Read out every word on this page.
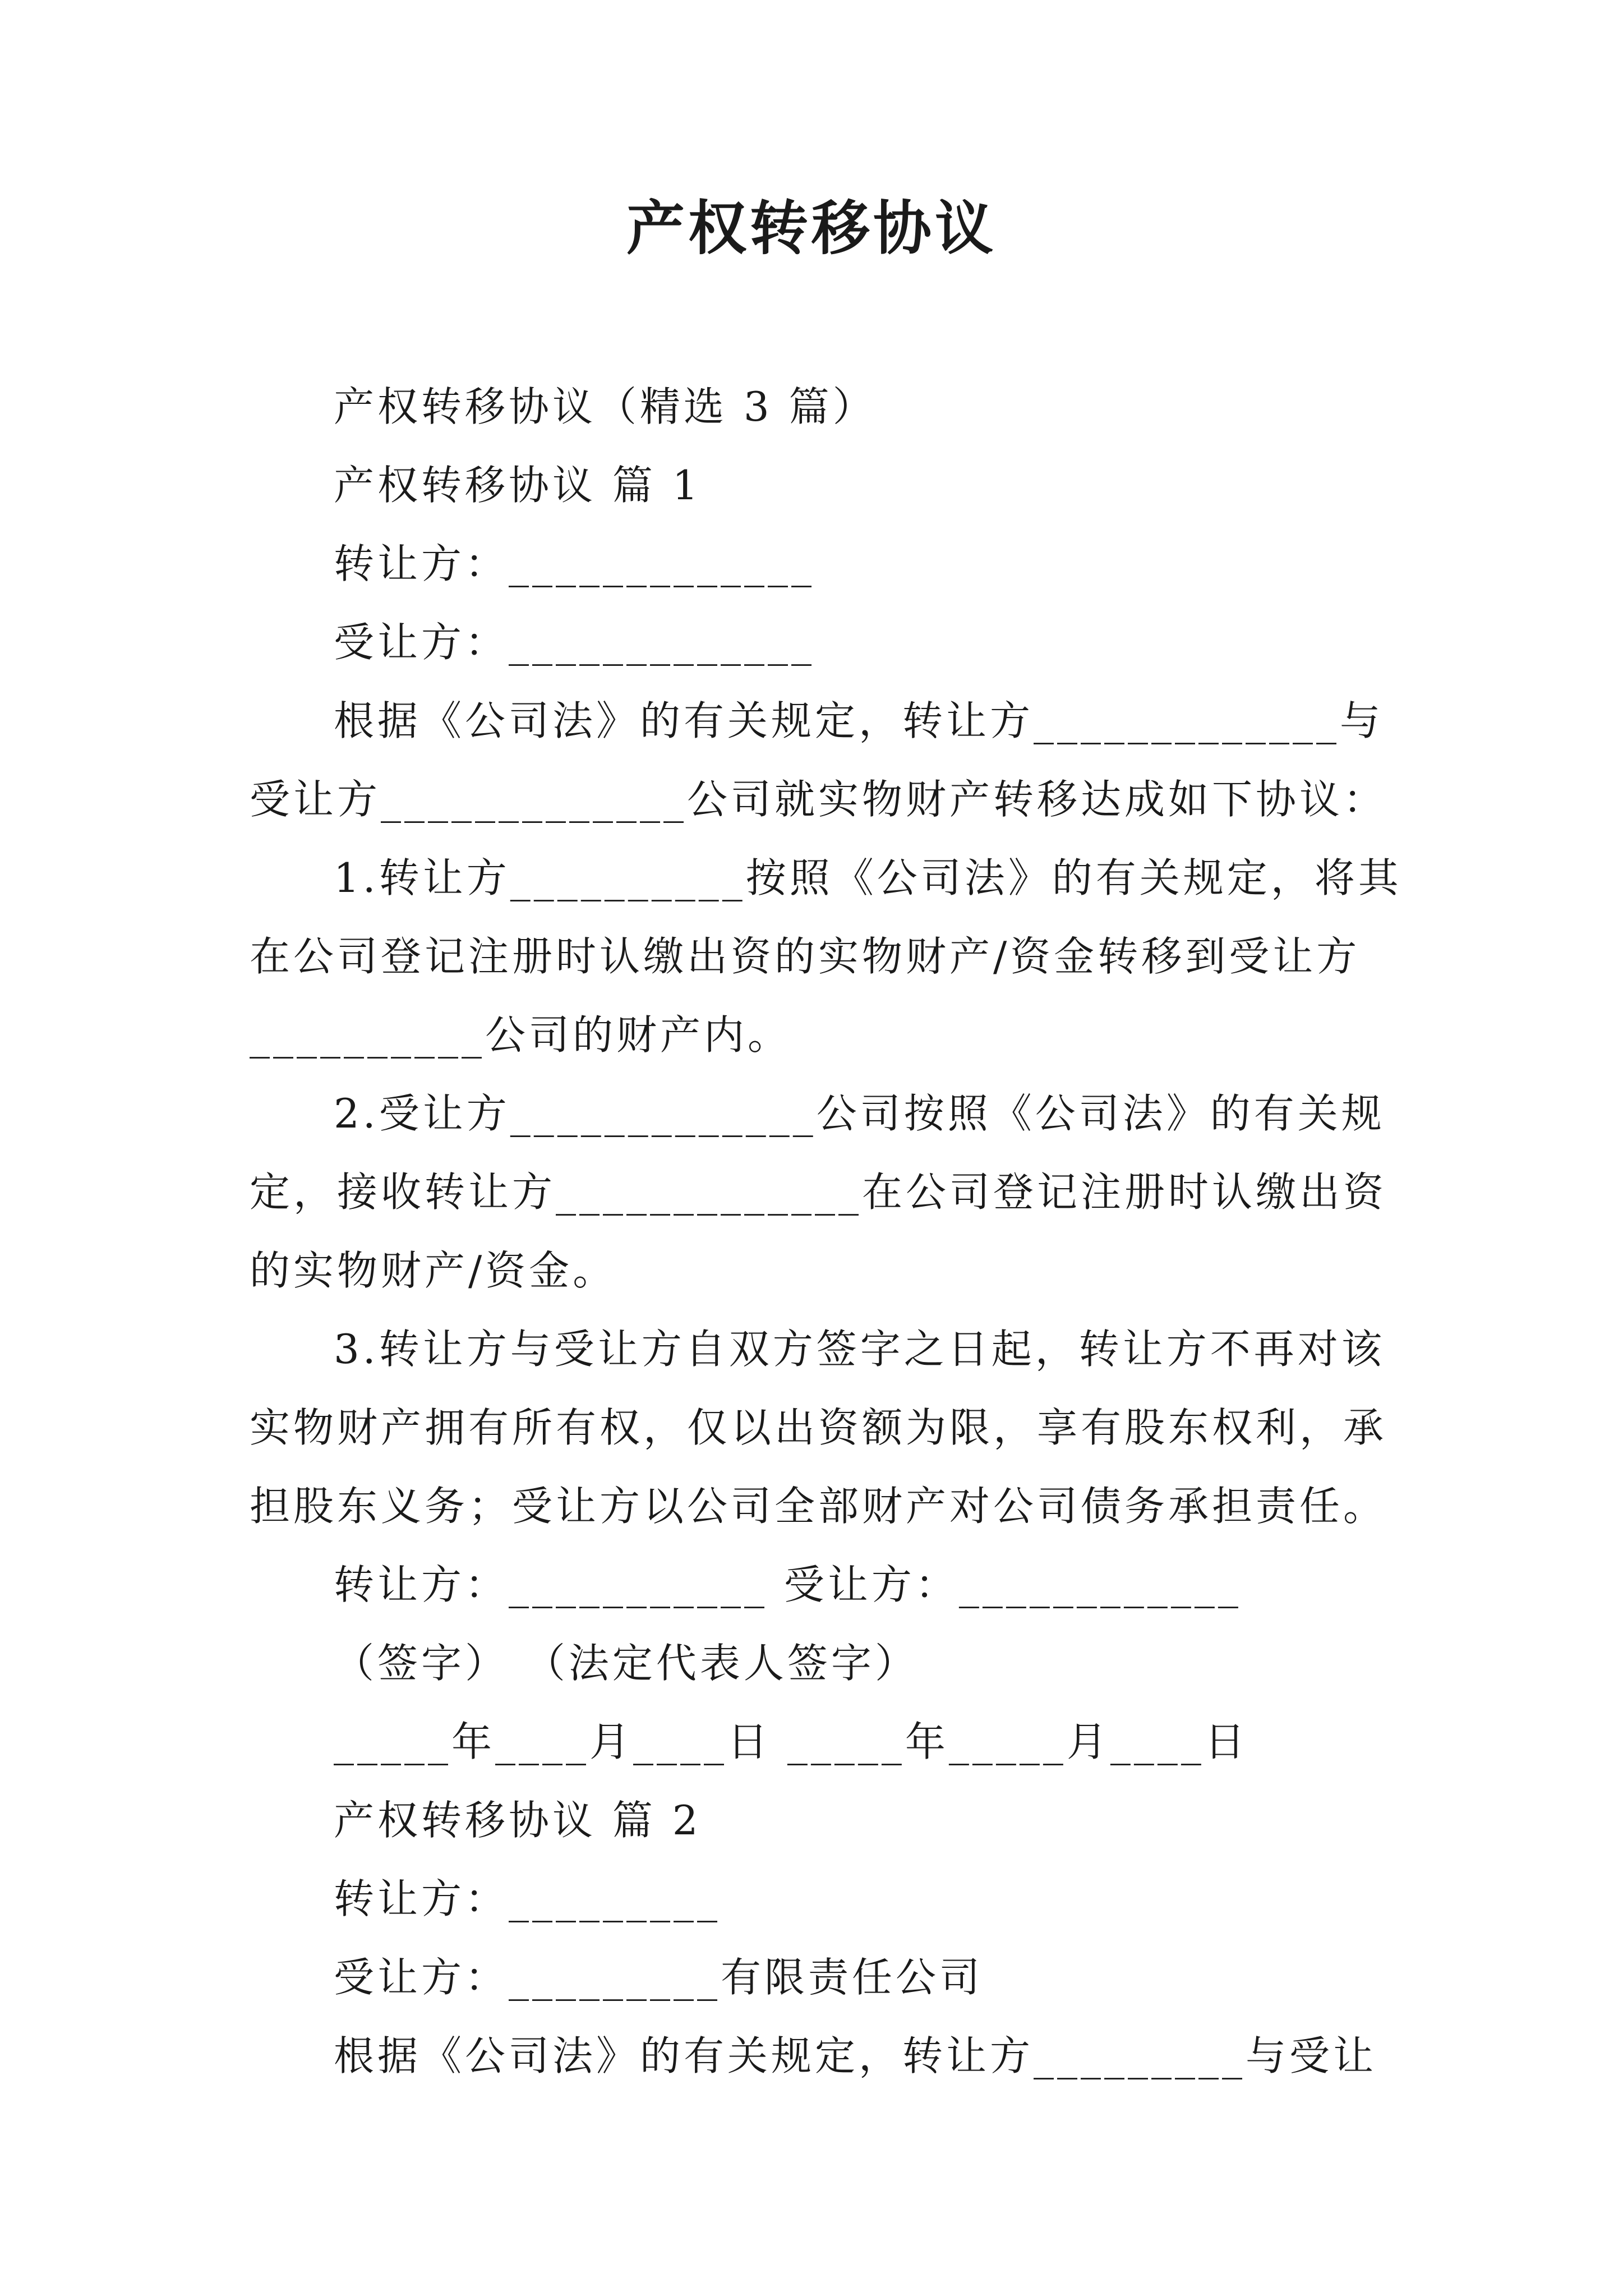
产权转移协议
产权转移协议（精选 3 篇）
产权转移协议 篇 1
转让方：_____________
受让方：_____________
根据《公司法》的有关规定，转让方_____________与
受让方_____________公司就实物财产转移达成如下协议：
1.转让方__________按照《公司法》的有关规定，将其
在公司登记注册时认缴出资的实物财产/资金转移到受让方
__________公司的财产内。
2.受让方_____________公司按照《公司法》的有关规
定，接收转让方_____________在公司登记注册时认缴出资
的实物财产/资金。
3.转让方与受让方自双方签字之日起，转让方不再对该
实物财产拥有所有权，仅以出资额为限，享有股东权利，承
担股东义务；受让方以公司全部财产对公司债务承担责任。
转让方：___________ 受让方：____________
（签字） （法定代表人签字）
_____年____月____日 _____年_____月____日
产权转移协议 篇 2
转让方：_________
受让方：_________有限责任公司
根据《公司法》的有关规定，转让方_________与受让
